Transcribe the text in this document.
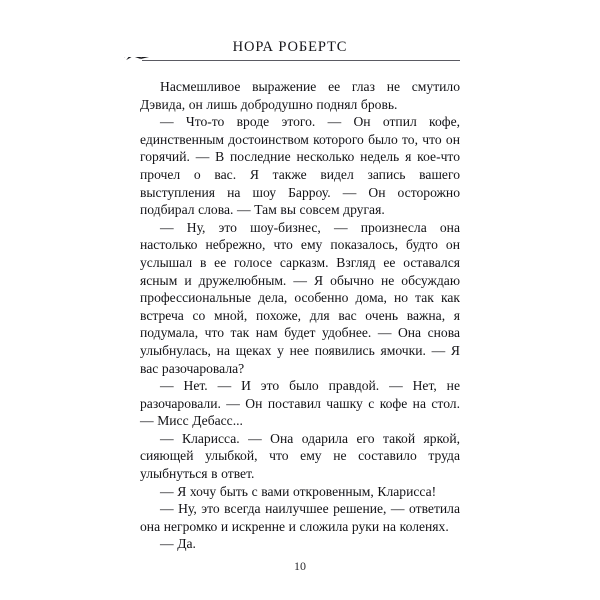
НОРА РОБЕРТС

Насмешливое выражение ее глаз не смутило Дэвида, он лишь добродушно поднял бровь.

— Что-то вроде этого. — Он отпил кофе, единственным достоинством которого было то, что он горячий. — В последние несколько недель я кое-что прочел о вас. Я также видел запись вашего выступления на шоу Барроу. — Он осторожно подбирал слова. — Там вы совсем другая.

— Ну, это шоу-бизнес, — произнесла она настолько небрежно, что ему показалось, будто он услышал в ее голосе сарказм. Взгляд ее оставался ясным и дружелюбным. — Я обычно не обсуждаю профессиональные дела, особенно дома, но так как встреча со мной, похоже, для вас очень важна, я подумала, что так нам будет удобнее. — Она снова улыбнулась, на щеках у нее появились ямочки. — Я вас разочаровала?

— Нет. — И это было правдой. — Нет, не разочаровали. — Он поставил чашку с кофе на стол. — Мисс Дебасс...

— Кларисса. — Она одарила его такой яркой, сияющей улыбкой, что ему не составило труда улыбнуться в ответ.

— Я хочу быть с вами откровенным, Кларисса!

— Ну, это всегда наилучшее решение, — ответила она негромко и искренне и сложила руки на коленях.

— Да.

10
